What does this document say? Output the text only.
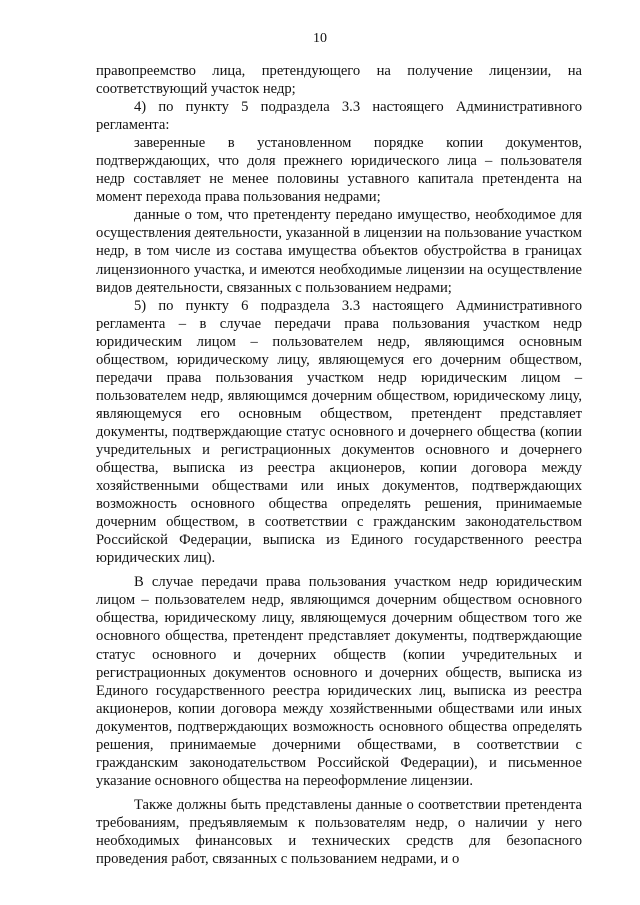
10

правопреемство лица, претендующего на получение лицензии, на соответствующий участок недр;

4) по пункту 5 подраздела 3.3 настоящего Административного регламента:

заверенные в установленном порядке копии документов, подтверждающих, что доля прежнего юридического лица – пользователя недр составляет не менее половины уставного капитала претендента на момент перехода права пользования недрами;

данные о том, что претенденту передано имущество, необходимое для осуществления деятельности, указанной в лицензии на пользование участком недр, в том числе из состава имущества объектов обустройства в границах лицензионного участка, и имеются необходимые лицензии на осуществление видов деятельности, связанных с пользованием недрами;

5) по пункту 6 подраздела 3.3 настоящего Административного регламента – в случае передачи права пользования участком недр юридическим лицом – пользователем недр, являющимся основным обществом, юридическому лицу, являющемуся его дочерним обществом, передачи права пользования участком недр юридическим лицом – пользователем недр, являющимся дочерним обществом, юридическому лицу, являющемуся его основным обществом, претендент представляет документы, подтверждающие статус основного и дочернего общества (копии учредительных и регистрационных документов основного и дочернего общества, выписка из реестра акционеров, копии договора между хозяйственными обществами или иных документов, подтверждающих возможность основного общества определять решения, принимаемые дочерним обществом, в соответствии с гражданским законодательством Российской Федерации, выписка из Единого государственного реестра юридических лиц).

В случае передачи права пользования участком недр юридическим лицом – пользователем недр, являющимся дочерним обществом основного общества, юридическому лицу, являющемуся дочерним обществом того же основного общества, претендент представляет документы, подтверждающие статус основного и дочерних обществ (копии учредительных и регистрационных документов основного и дочерних обществ, выписка из Единого государственного реестра юридических лиц, выписка из реестра акционеров, копии договора между хозяйственными обществами или иных документов, подтверждающих возможность основного общества определять решения, принимаемые дочерними обществами, в соответствии с гражданским законодательством Российской Федерации), и письменное указание основного общества на переоформление лицензии.

Также должны быть представлены данные о соответствии претендента требованиям, предъявляемым к пользователям недр, о наличии у него необходимых финансовых и технических средств для безопасного проведения работ, связанных с пользованием недрами, и о
